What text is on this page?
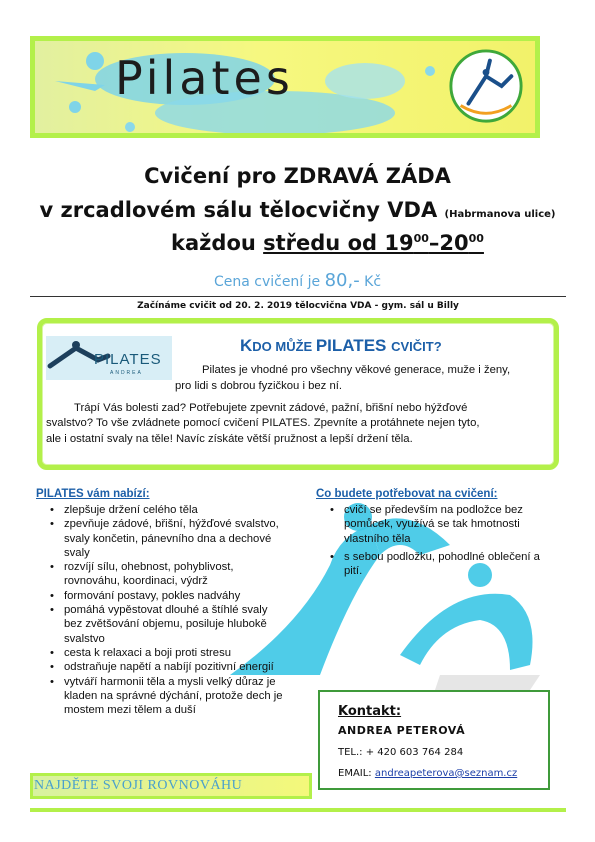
Pilates
Cvičení pro ZDRAVÁ ZÁDA
v zrcadlovém sálu tělocvičny VDA (Habrmanova ulice)
každou středu od $19^{00}-20^{00}$
Cena cvičení je 80,- Kč
Začínáme cvičit od 20. 2. 2019 tělocvična VDA - gym. sál u Billy
PILATES
ANDREA
KDO MŮŽE PILATES CVIČIT?
Pilates je vhodné pro všechny věkové generace, muže i ženy,
pro lidi s dobrou fyzičkou i bez ní.
Trápí Vás bolesti zad? Potřebujete zpevnit zádové, pažní, břišní nebo hýžďové
svalstvo? To vše zvládnete pomocí cvičení PILATES. Zpevníte a protáhnete nejen tyto,
ale i ostatní svaly na těle! Navíc získáte větší pružnost a lepší držení těla.
PILATES vám nabízí:
• zlepšuje držení celého těla
• zpevňuje zádové, břišní, hýžďové svalstvo, svaly končetin, pánevního dna a dechové svaly
• rozvíjí sílu, ohebnost, pohyblivost, rovnováhu, koordinaci, výdrž
• formování postavy, pokles nadváhy
• pomáhá vypěstovat dlouhé a štíhlé svaly bez zvětšování objemu, posiluje hlubokě svalstvo
• cesta k relaxaci a boji proti stresu
• odstraňuje napětí a nabíjí pozitivní energií
• vytváří harmonii těla a mysli velký důraz je kladen na správné dýchání, protože dech je mostem mezi tělem a duší
Co budete potřebovat na cvičení:
• cvičí se především na podložce bez pomůcek, využívá se tak hmotnosti vlastního těla
• s sebou podložku, pohodlné oblečení a pití.
Kontakt:
ANDREA PETEROVÁ
TEL.: + 420 603 764 284
EMAIL: andreapeterova@seznam.cz
NAJDĚTE SVOJI ROVNOVÁHU
